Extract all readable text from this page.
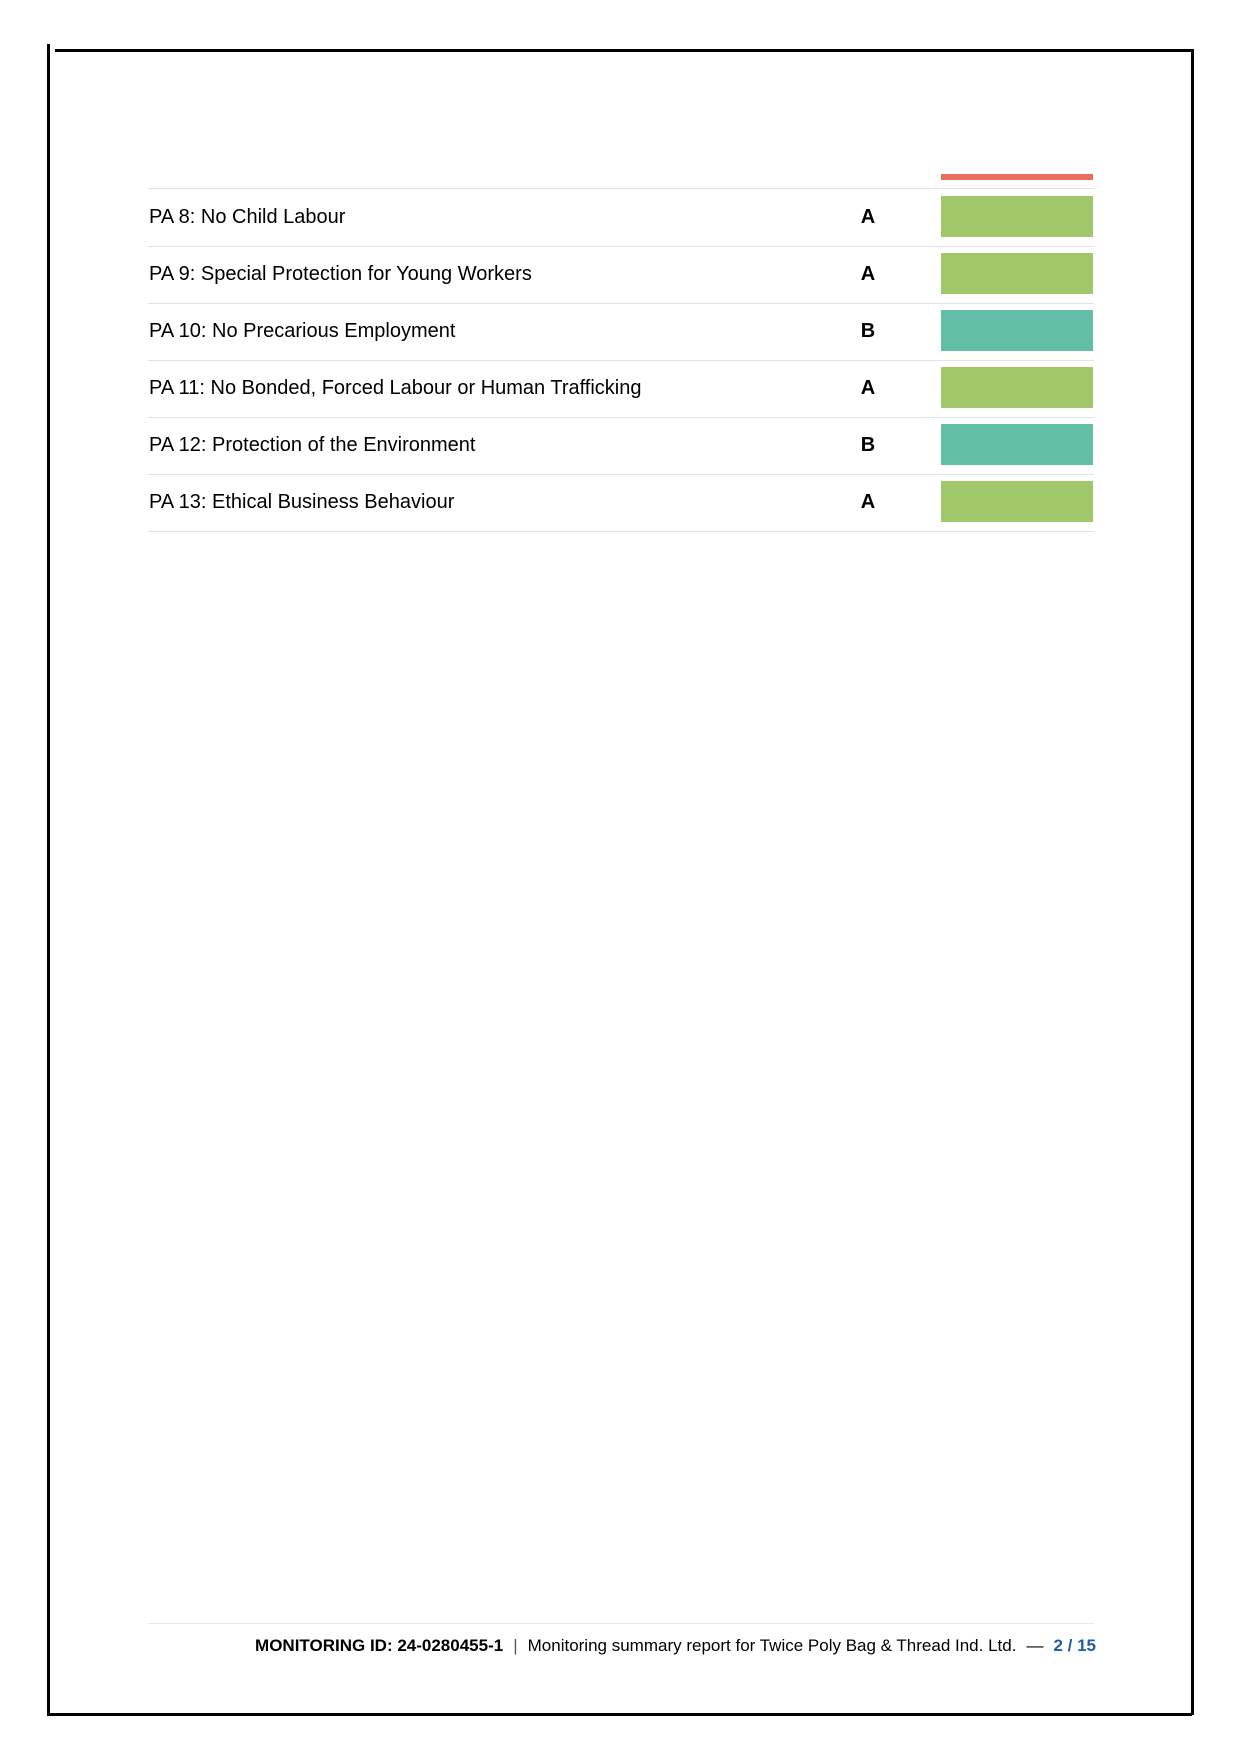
PA 8: No Child Labour	A
PA 9: Special Protection for Young Workers	A
PA 10: No Precarious Employment	B
PA 11: No Bonded, Forced Labour or Human Trafficking	A
PA 12: Protection of the Environment	B
PA 13: Ethical Business Behaviour	A
MONITORING ID: 24-0280455-1 | Monitoring summary report for Twice Poly Bag & Thread Ind. Ltd. — 2 / 15
